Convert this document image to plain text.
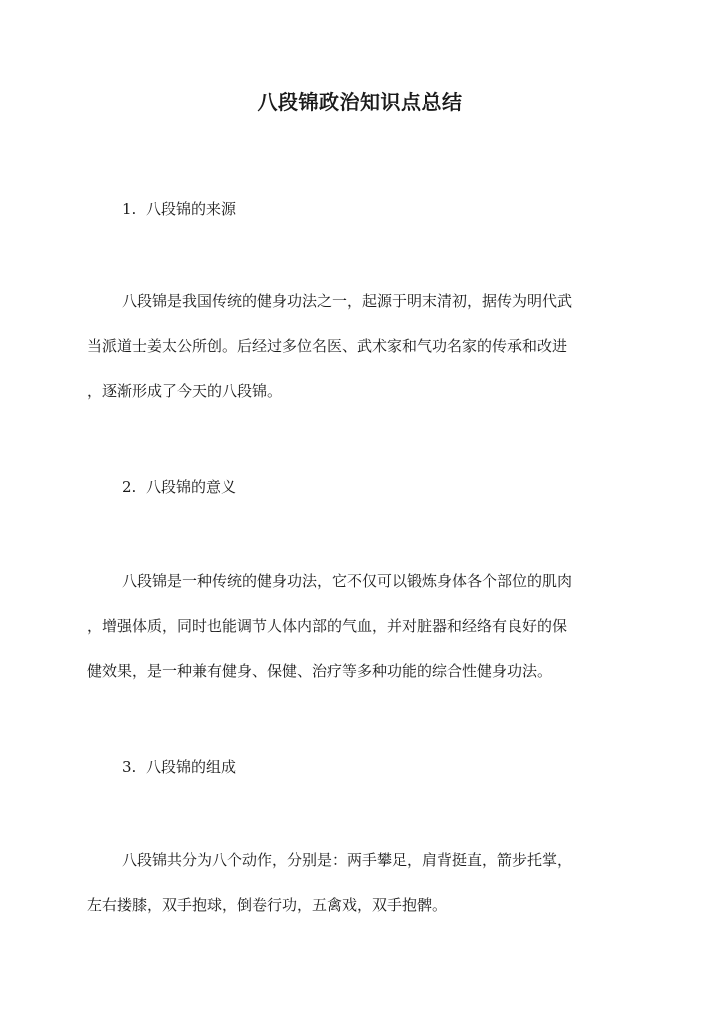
八段锦政治知识点总结
1. 八段锦的来源
八段锦是我国传统的健身功法之一，起源于明末清初，据传为明代武
当派道士姜太公所创。后经过多位名医、武术家和气功名家的传承和改进
，逐渐形成了今天的八段锦。
2. 八段锦的意义
八段锦是一种传统的健身功法，它不仅可以锻炼身体各个部位的肌肉
，增强体质，同时也能调节人体内部的气血，并对脏器和经络有良好的保
健效果，是一种兼有健身、保健、治疗等多种功能的综合性健身功法。
3. 八段锦的组成
八段锦共分为八个动作，分别是：两手攀足，肩背挺直，箭步托掌，
左右搂膝，双手抱球，倒卷行功，五禽戏，双手抱髀。
